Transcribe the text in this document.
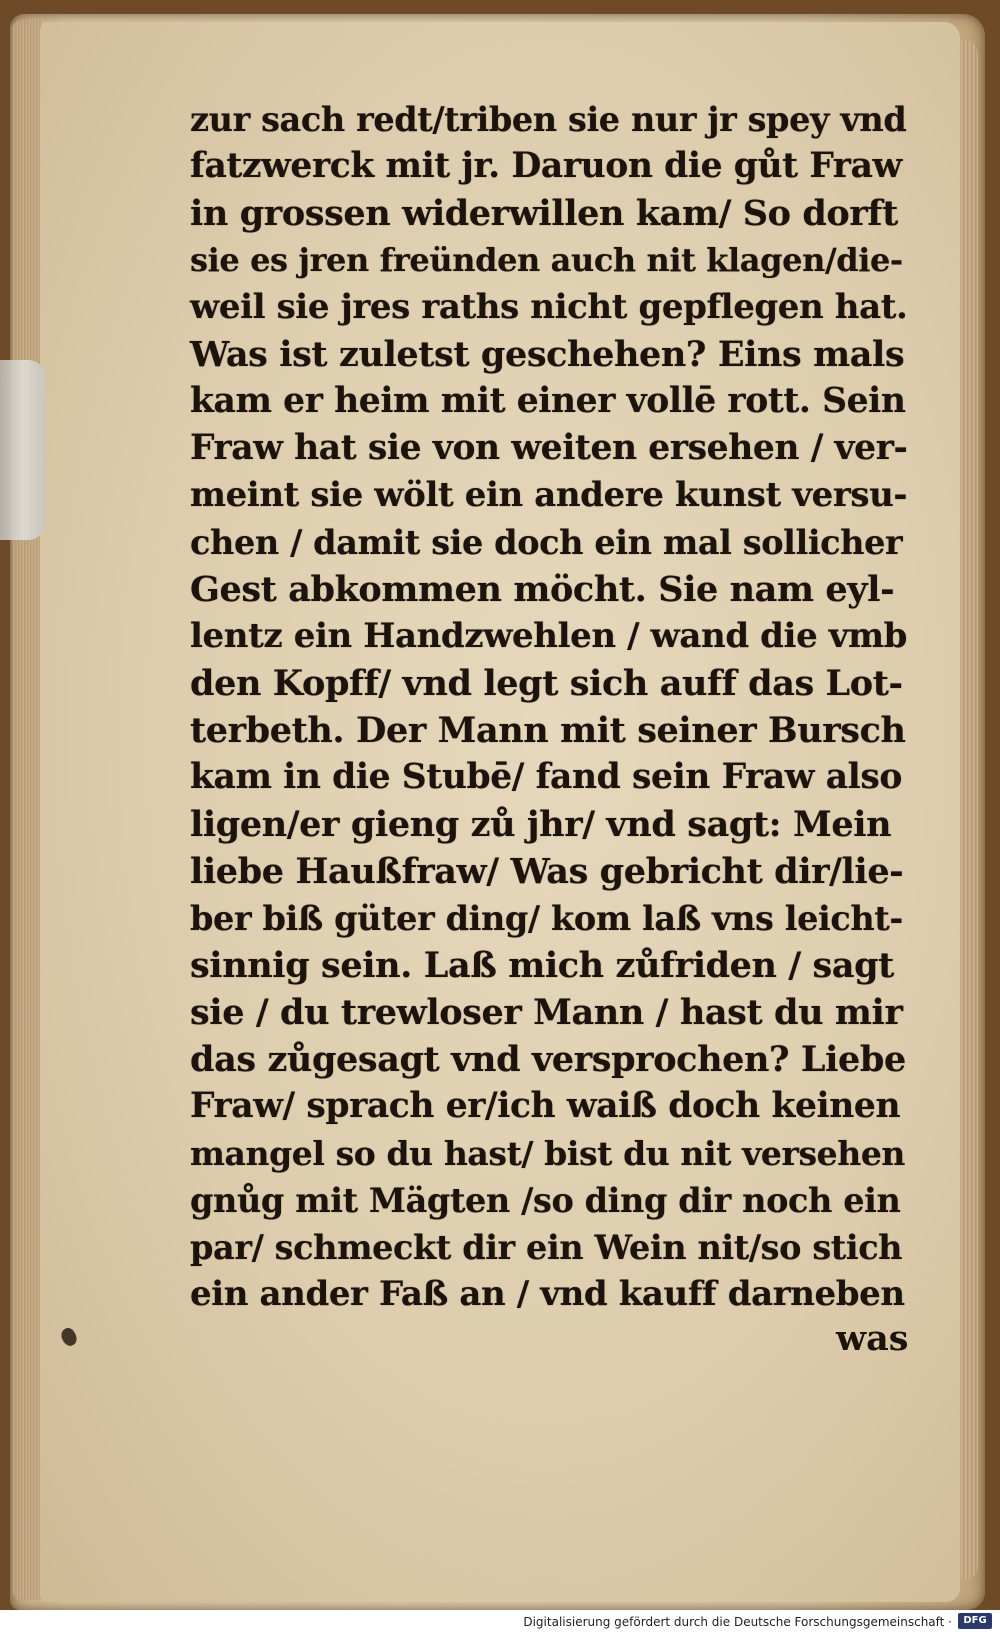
zur sach redt/triben sie nur jr spey vnd
fatzwerck mit jr. Daruon die gůt Fraw
in grossen widerwillen kam/ So dorft
sie es jren freünden auch nit klagen/die-
weil sie jres raths nicht gepflegen hat.
Was ist zuletst geschehen? Eins mals
kam er heim mit einer vollē rott. Sein
Fraw hat sie von weiten ersehen / ver-
meint sie wölt ein andere kunst versu-
chen / damit sie doch ein mal sollicher
Gest abkommen möcht. Sie nam eyl-
lentz ein Handzwehlen / wand die vmb
den Kopff/ vnd legt sich auff das Lot-
terbeth. Der Mann mit seiner Bursch
kam in die Stubē/ fand sein Fraw also
ligen/er gieng zů jhr/ vnd sagt: Mein
liebe Haußfraw/ Was gebricht dir/lie-
ber biß güter ding/ kom laß vns leicht-
sinnig sein. Laß mich zůfriden / sagt
sie / du trewloser Mann / hast du mir
das zůgesagt vnd versprochen? Liebe
Fraw/ sprach er/ich waiß doch keinen
mangel so du hast/ bist du nit versehen
gnůg mit Mägten /so ding dir noch ein
par/ schmeckt dir ein Wein nit/so stich
ein ander Faß an / vnd kauff darneben
was
Digitalisierung gefördert durch die Deutsche Forschungsgemeinschaft ·	DFG
